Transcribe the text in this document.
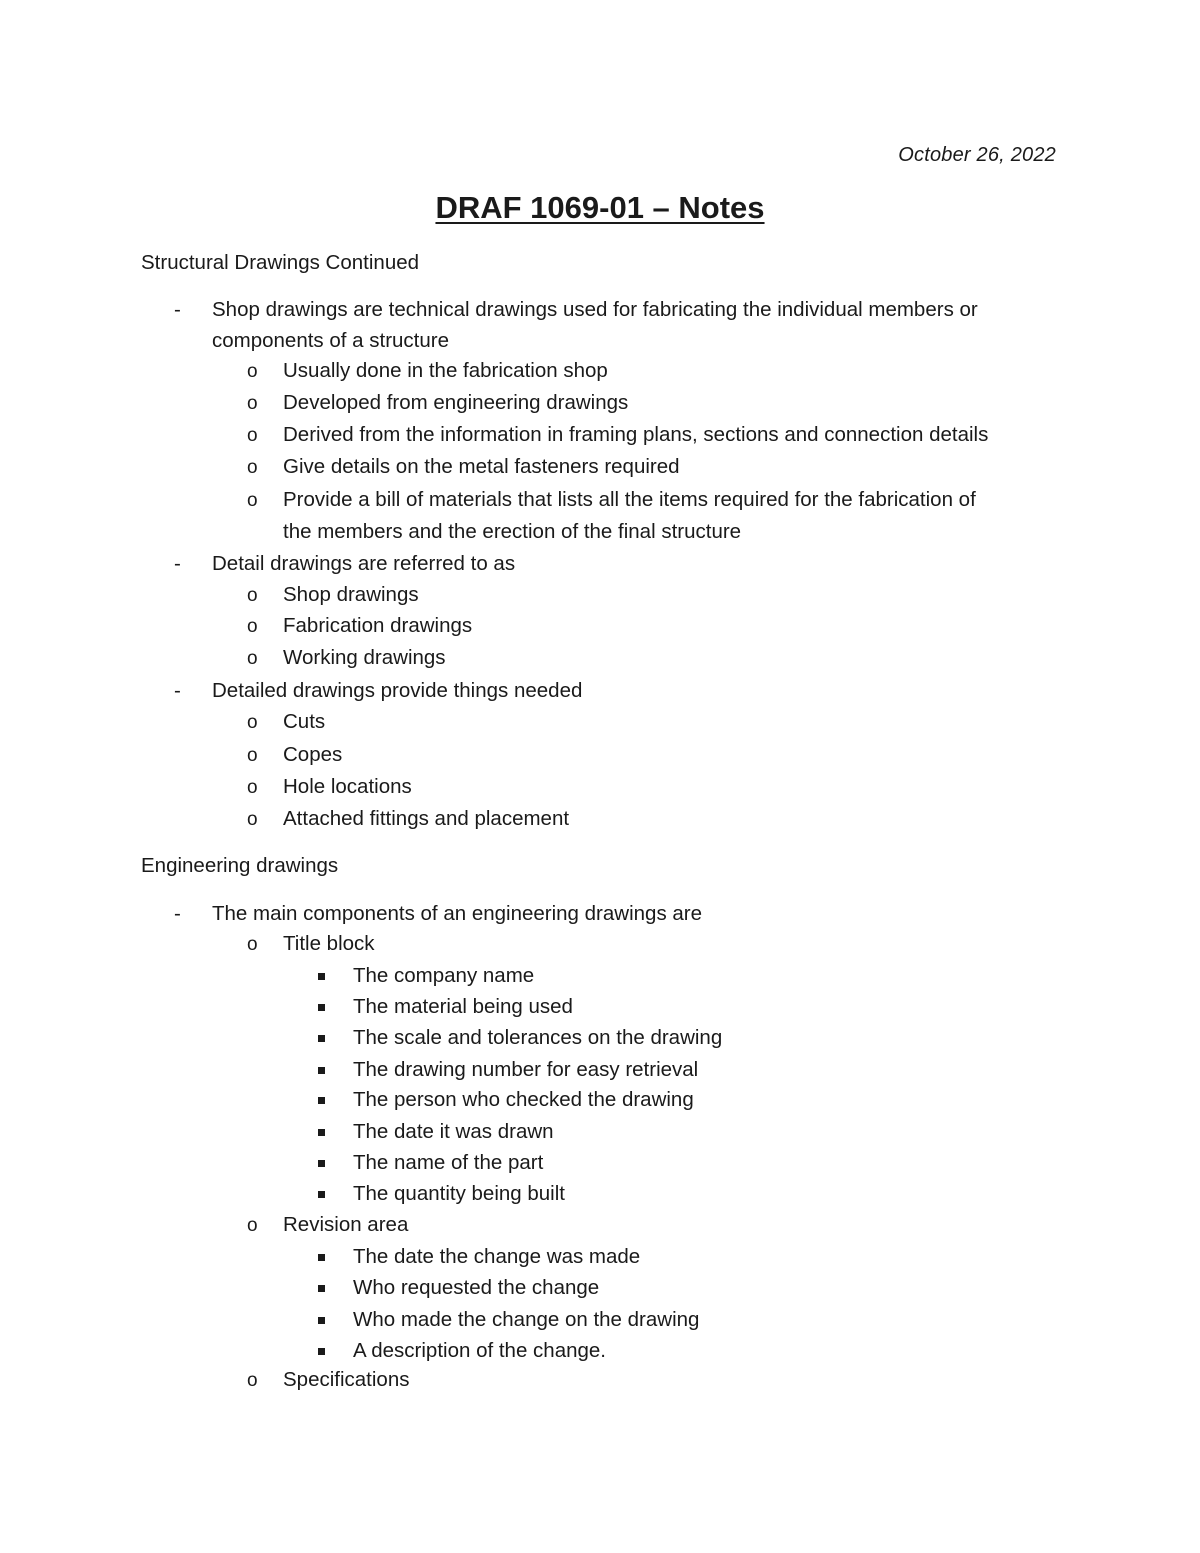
October 26, 2022
DRAF 1069-01 – Notes
Structural Drawings Continued
- Shop drawings are technical drawings used for fabricating the individual members or
components of a structure
o Usually done in the fabrication shop
o Developed from engineering drawings
o Derived from the information in framing plans, sections and connection details
o Give details on the metal fasteners required
o Provide a bill of materials that lists all the items required for the fabrication of
the members and the erection of the final structure
- Detail drawings are referred to as
o Shop drawings
o Fabrication drawings
o Working drawings
- Detailed drawings provide things needed
o Cuts
o Copes
o Hole locations
o Attached fittings and placement
Engineering drawings
- The main components of an engineering drawings are
o Title block
The company name
The material being used
The scale and tolerances on the drawing
The drawing number for easy retrieval
The person who checked the drawing
The date it was drawn
The name of the part
The quantity being built
o Revision area
The date the change was made
Who requested the change
Who made the change on the drawing
A description of the change.
o Specifications
